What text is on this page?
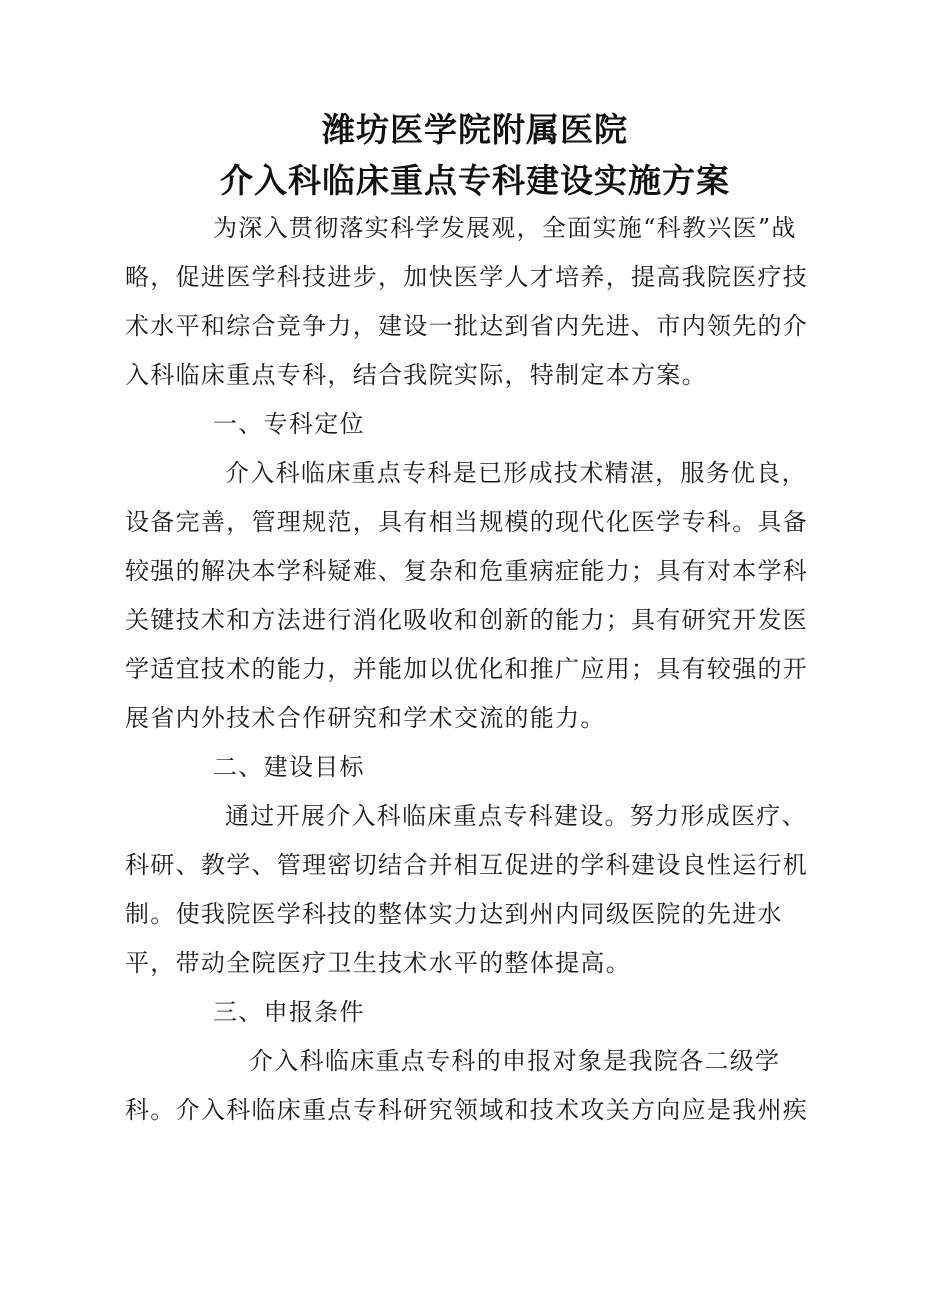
潍坊医学院附属医院
介入科临床重点专科建设实施方案

为深入贯彻落实科学发展观，全面实施“科教兴医”战略，促进医学科技进步，加快医学人才培养，提高我院医疗技术水平和综合竞争力，建设一批达到省内先进、市内领先的介入科临床重点专科，结合我院实际，特制定本方案。

一、专科定位

介入科临床重点专科是已形成技术精湛，服务优良，设备完善，管理规范，具有相当规模的现代化医学专科。具备较强的解决本学科疑难、复杂和危重病症能力；具有对本学科关键技术和方法进行消化吸收和创新的能力；具有研究开发医学适宜技术的能力，并能加以优化和推广应用；具有较强的开展省内外技术合作研究和学术交流的能力。

二、建设目标

通过开展介入科临床重点专科建设。努力形成医疗、科研、教学、管理密切结合并相互促进的学科建设良性运行机制。使我院医学科技的整体实力达到州内同级医院的先进水平，带动全院医疗卫生技术水平的整体提高。

三、申报条件

介入科临床重点专科的申报对象是我院各二级学科。介入科临床重点专科研究领域和技术攻关方向应是我州疾
